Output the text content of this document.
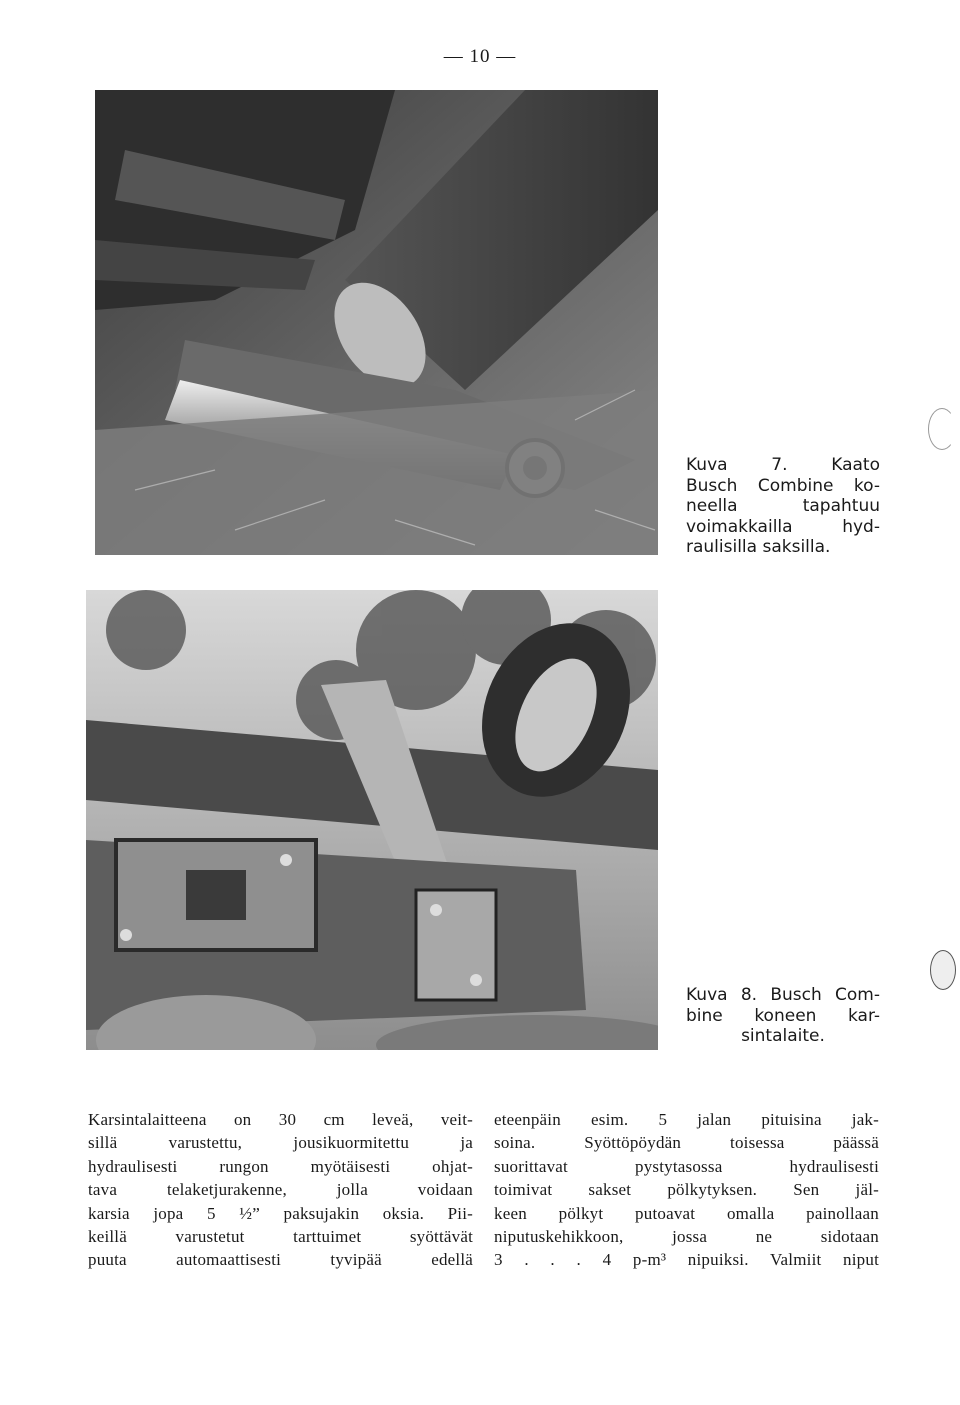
— 10 —
Kuva 7. Kaato
Busch Combine ko-
neella tapahtuu
voimakkailla hyd-
raulisilla saksilla.
Kuva 8. Busch Com-
bine koneen kar-
sintalaite.
Karsintalaitteena on 30 cm leveä, veit-
sillä varustettu, jousikuormitettu ja
hydraulisesti rungon myötäisesti ohjat-
tava telaketjurakenne, jolla voidaan
karsia jopa 5 ½” paksujakin oksia. Pii-
keillä varustetut tarttuimet syöttävät
puuta automaattisesti tyvipää edellä
eteenpäin esim. 5 jalan pituisina jak-
soina. Syöttöpöydän toisessa päässä
suorittavat pystytasossa hydraulisesti
toimivat sakset pölkytyksen. Sen jäl-
keen pölkyt putoavat omalla painollaan
niputuskehikkoon, jossa ne sidotaan
3 . . . 4 p-m³ nipuiksi. Valmiit niput
